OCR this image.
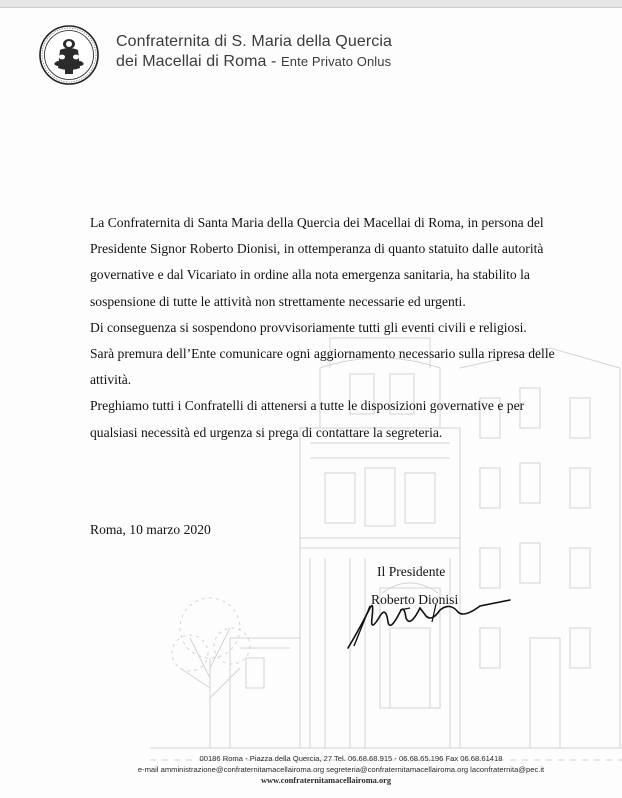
Confraternita di S. Maria della Quercia
dei Macellai di Roma - Ente Privato Onlus

La Confraternita di Santa Maria della Quercia dei Macellai di Roma, in persona del Presidente Signor Roberto Dionisi, in ottemperanza di quanto statuito dalle autorità governative e dal Vicariato in ordine alla nota emergenza sanitaria, ha stabilito la sospensione di tutte le attività non strettamente necessarie ed urgenti.

Di conseguenza si sospendono provvisoriamente tutti gli eventi civili e religiosi.

Sarà premura dell’Ente comunicare ogni aggiornamento necessario sulla ripresa delle attività.

Preghiamo tutti i Confratelli di attenersi a tutte le disposizioni governative e per qualsiasi necessità ed urgenza si prega di contattare la segreteria.

Roma, 10 marzo 2020
Il Presidente
Roberto Dionisi
00186 Roma - Piazza della Quercia, 27 Tel. 06.68.68.915 - 06.68.65.196 Fax 06.68.61418
e-mail amministrazione@confraternitamacellairoma.org segreteria@confraternitamacellairoma.org laconfraternita@pec.it
www.confraternitamacellairoma.org
